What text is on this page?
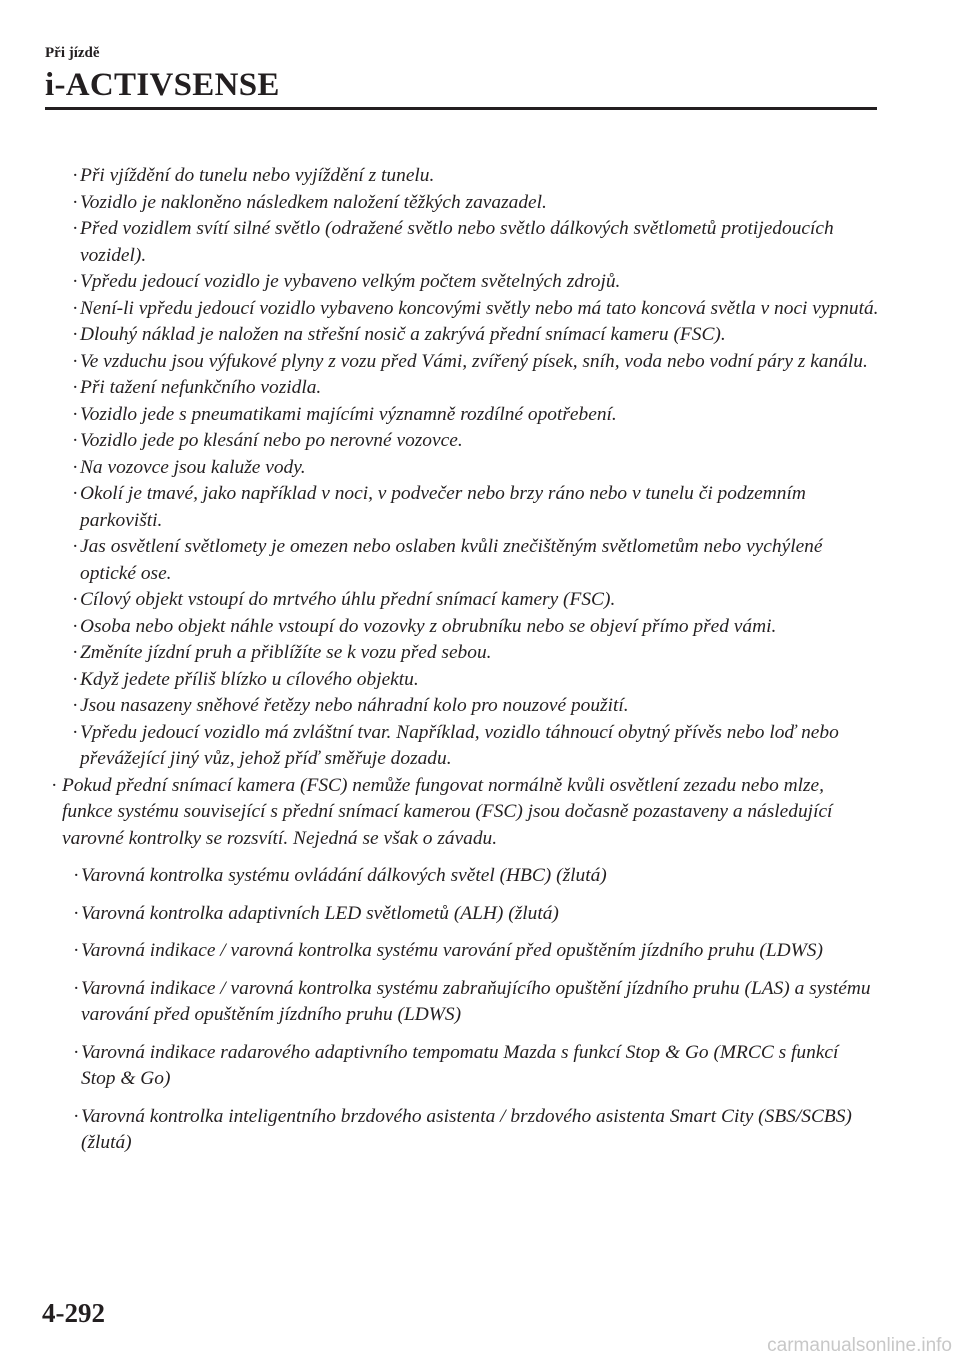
Při jízdě
i-ACTIVSENSE
· Při vjíždění do tunelu nebo vyjíždění z tunelu.
· Vozidlo je nakloněno následkem naložení těžkých zavazadel.
· Před vozidlem svítí silné světlo (odražené světlo nebo světlo dálkových světlometů protijedoucích vozidel).
· Vpředu jedoucí vozidlo je vybaveno velkým počtem světelných zdrojů.
· Není-li vpředu jedoucí vozidlo vybaveno koncovými světly nebo má tato koncová světla v noci vypnutá.
· Dlouhý náklad je naložen na střešní nosič a zakrývá přední snímací kameru (FSC).
· Ve vzduchu jsou výfukové plyny z vozu před Vámi, zvířený písek, sníh, voda nebo vodní páry z kanálu.
· Při tažení nefunkčního vozidla.
· Vozidlo jede s pneumatikami majícími významně rozdílné opotřebení.
· Vozidlo jede po klesání nebo po nerovné vozovce.
· Na vozovce jsou kaluže vody.
· Okolí je tmavé, jako například v noci, v podvečer nebo brzy ráno nebo v tunelu či podzemním parkovišti.
· Jas osvětlení světlomety je omezen nebo oslaben kvůli znečištěným světlometům nebo vychýlené optické ose.
· Cílový objekt vstoupí do mrtvého úhlu přední snímací kamery (FSC).
· Osoba nebo objekt náhle vstoupí do vozovky z obrubníku nebo se objeví přímo před vámi.
· Změníte jízdní pruh a přiblížíte se k vozu před sebou.
· Když jedete příliš blízko u cílového objektu.
· Jsou nasazeny sněhové řetězy nebo náhradní kolo pro nouzové použití.
· Vpředu jedoucí vozidlo má zvláštní tvar. Například, vozidlo táhnoucí obytný přívěs nebo loď nebo převážející jiný vůz, jehož příď směřuje dozadu.
· Pokud přední snímací kamera (FSC) nemůže fungovat normálně kvůli osvětlení zezadu nebo mlze, funkce systému související s přední snímací kamerou (FSC) jsou dočasně pozastaveny a následující varovné kontrolky se rozsvítí. Nejedná se však o závadu.
· Varovná kontrolka systému ovládání dálkových světel (HBC) (žlutá)
· Varovná kontrolka adaptivních LED světlometů (ALH) (žlutá)
· Varovná indikace / varovná kontrolka systému varování před opuštěním jízdního pruhu (LDWS)
· Varovná indikace / varovná kontrolka systému zabraňujícího opuštění jízdního pruhu (LAS) a systému varování před opuštěním jízdního pruhu (LDWS)
· Varovná indikace radarového adaptivního tempomatu Mazda s funkcí Stop & Go (MRCC s funkcí Stop & Go)
· Varovná kontrolka inteligentního brzdového asistenta / brzdového asistenta Smart City (SBS/SCBS) (žlutá)
4-292
carmanualsonline.info
